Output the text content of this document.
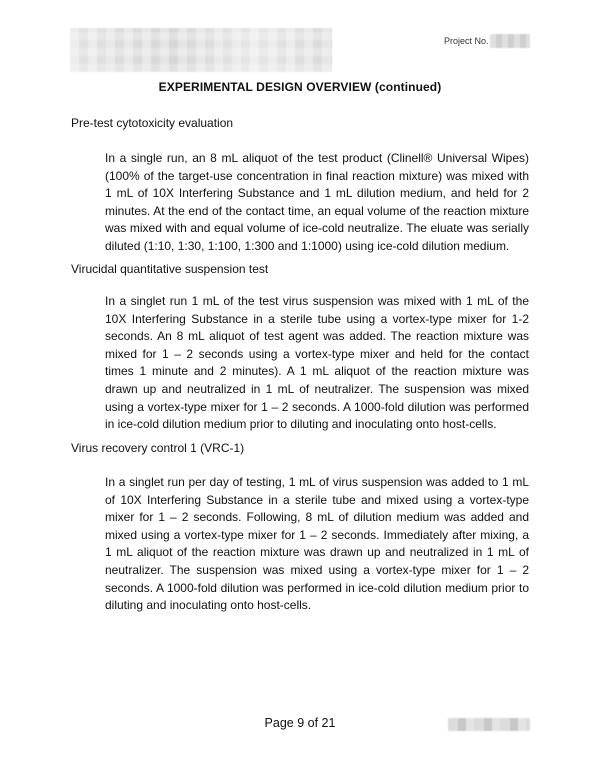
Project No.
EXPERIMENTAL DESIGN OVERVIEW (continued)
Pre-test cytotoxicity evaluation
In a single run, an 8 mL aliquot of the test product (Clinell® Universal Wipes) (100% of the target-use concentration in final reaction mixture) was mixed with 1 mL of 10X Interfering Substance and 1 mL dilution medium, and held for 2 minutes. At the end of the contact time, an equal volume of the reaction mixture was mixed with and equal volume of ice-cold neutralize. The eluate was serially diluted (1:10, 1:30, 1:100, 1:300 and 1:1000) using ice-cold dilution medium.
Virucidal quantitative suspension test
In a singlet run 1 mL of the test virus suspension was mixed with 1 mL of the 10X Interfering Substance in a sterile tube using a vortex-type mixer for 1-2 seconds. An 8 mL aliquot of test agent was added. The reaction mixture was mixed for 1 – 2 seconds using a vortex-type mixer and held for the contact times 1 minute and 2 minutes). A 1 mL aliquot of the reaction mixture was drawn up and neutralized in 1 mL of neutralizer. The suspension was mixed using a vortex-type mixer for 1 – 2 seconds. A 1000-fold dilution was performed in ice-cold dilution medium prior to diluting and inoculating onto host-cells.
Virus recovery control 1 (VRC-1)
In a singlet run per day of testing, 1 mL of virus suspension was added to 1 mL of 10X Interfering Substance in a sterile tube and mixed using a vortex-type mixer for 1 – 2 seconds. Following, 8 mL of dilution medium was added and mixed using a vortex-type mixer for 1 – 2 seconds. Immediately after mixing, a 1 mL aliquot of the reaction mixture was drawn up and neutralized in 1 mL of neutralizer. The suspension was mixed using a vortex-type mixer for 1 – 2 seconds. A 1000-fold dilution was performed in ice-cold dilution medium prior to diluting and inoculating onto host-cells.
Page 9 of 21
